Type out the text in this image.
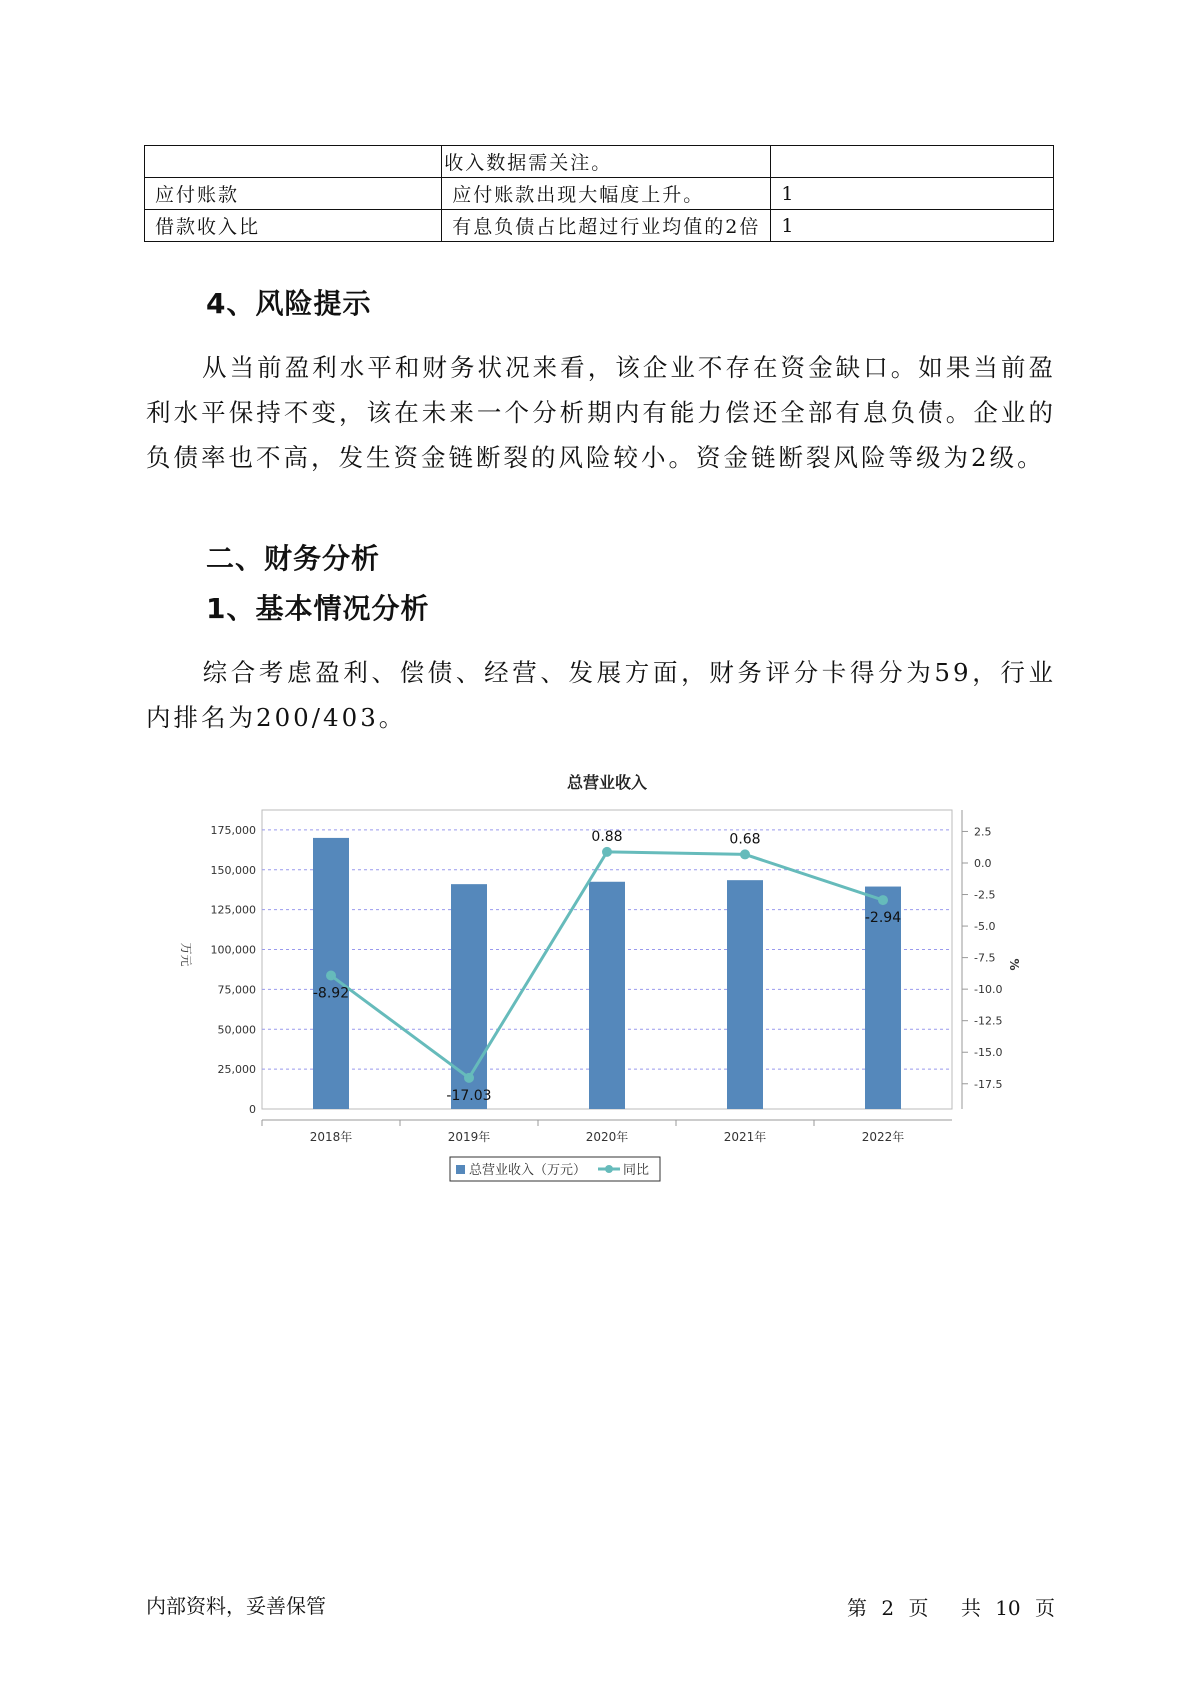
	收入数据需关注。	
应付账款	应付账款出现大幅度上升。	1
借款收入比	有息负债占比超过行业均值的2倍	1
4、风险提示
从当前盈利水平和财务状况来看，该企业不存在资金缺口。如果当前盈利水平保持不变，该在未来一个分析期内有能力偿还全部有息负债。企业的负债率也不高，发生资金链断裂的风险较小。资金链断裂风险等级为2级。
二、财务分析
1、基本情况分析
综合考虑盈利、偿债、经营、发展方面，财务评分卡得分为59，行业内排名为200/403。
总营业收入
0
25,000
50,000
75,000
100,000
125,000
150,000
175,000
万元
2.5
0.0
-2.5
-5.0
-7.5
-10.0
-12.5
-15.0
-17.5
%
2018年	2019年	2020年	2021年	2022年
-8.92
-17.03
0.88	0.68
-2.94
总营业收入（万元）	同比
内部资料，妥善保管	第 2 页 共 10 页
